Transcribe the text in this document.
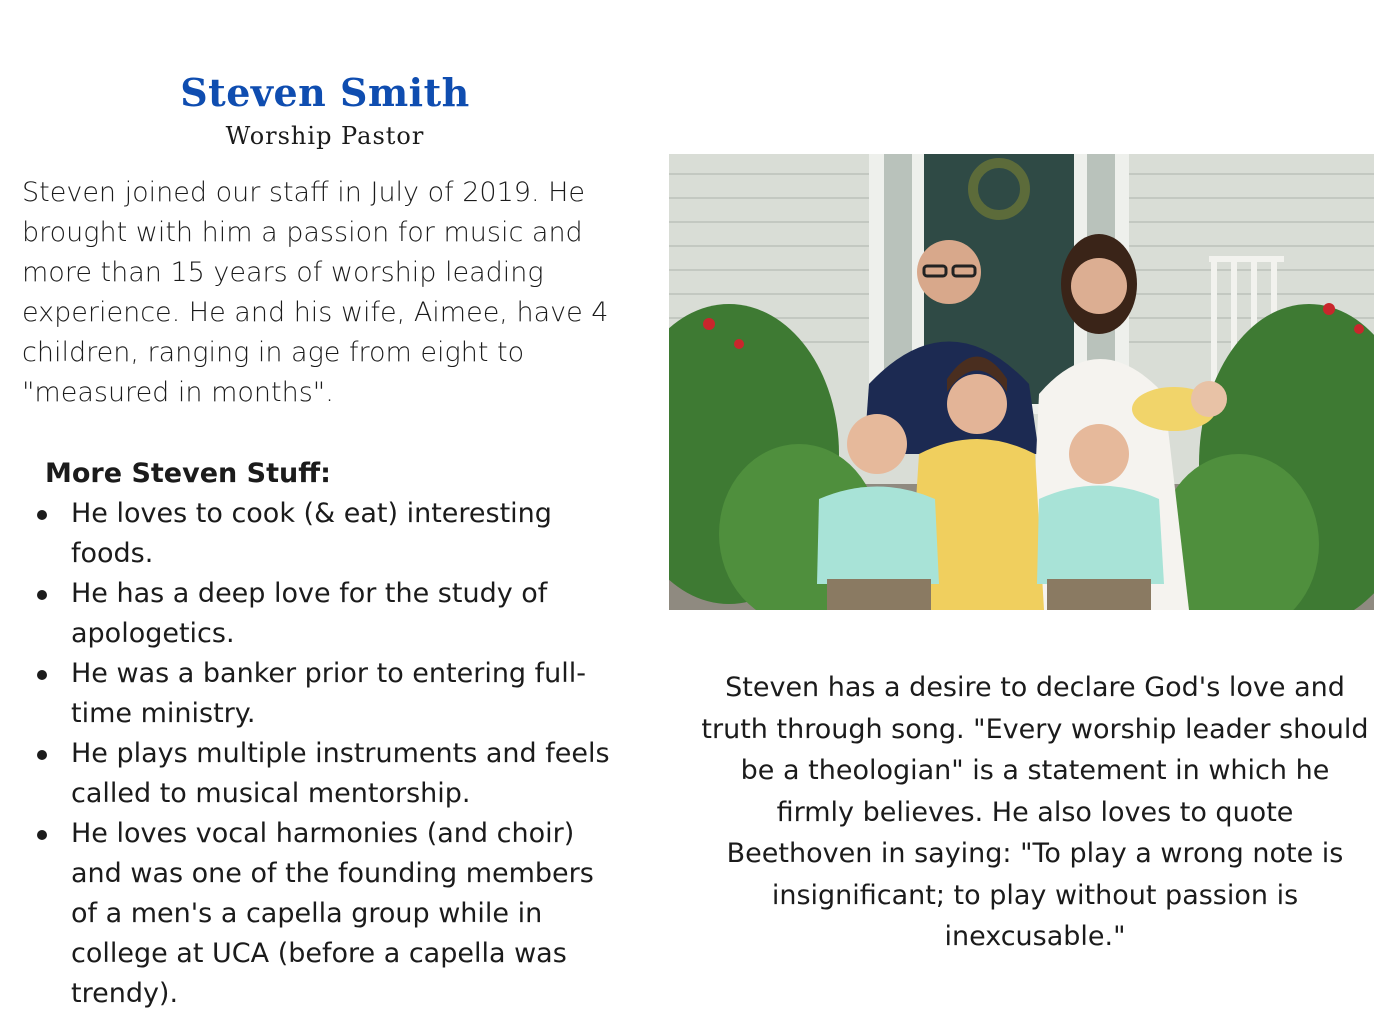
Steven Smith

Worship Pastor

Steven joined our staff in July of 2019. He brought with him a passion for music and more than 15 years of worship leading experience. He and his wife, Aimee, have 4 children, ranging in age from eight to "measured in months".

More Steven Stuff:

He loves to cook (& eat) interesting foods.
He has a deep love for the study of apologetics.
He was a banker prior to entering full-time ministry.
He plays multiple instruments and feels called to musical mentorship.
He loves vocal harmonies (and choir) and was one of the founding members of a men's a capella group while in college at UCA (before a capella was trendy).

Steven has a desire to declare God's love and truth through song. "Every worship leader should be a theologian" is a statement in which he firmly believes. He also loves to quote Beethoven in saying: "To play a wrong note is insignificant; to play without passion is inexcusable."
